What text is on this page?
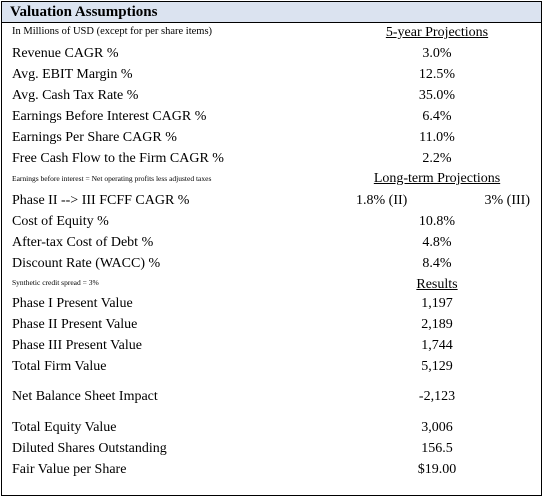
Valuation Assumptions
In Millions of USD (except for per share items)	5-year Projections
Revenue CAGR %	3.0%
Avg. EBIT Margin %	12.5%
Avg. Cash Tax Rate %	35.0%
Earnings Before Interest CAGR %	6.4%
Earnings Per Share CAGR %	11.0%
Free Cash Flow to the Firm CAGR %	2.2%
Earnings before interest = Net operating profits less adjusted taxes	Long-term Projections
Phase II --> III FCFF CAGR %	1.8% (II)	3% (III)
Cost of Equity %	10.8%
After-tax Cost of Debt %	4.8%
Discount Rate (WACC) %	8.4%
Synthetic credit spread = 3%	Results
Phase I Present Value	1,197
Phase II Present Value	2,189
Phase III Present Value	1,744
Total Firm Value	5,129
Net Balance Sheet Impact	-2,123
Total Equity Value	3,006
Diluted Shares Outstanding	156.5
Fair Value per Share	$19.00
